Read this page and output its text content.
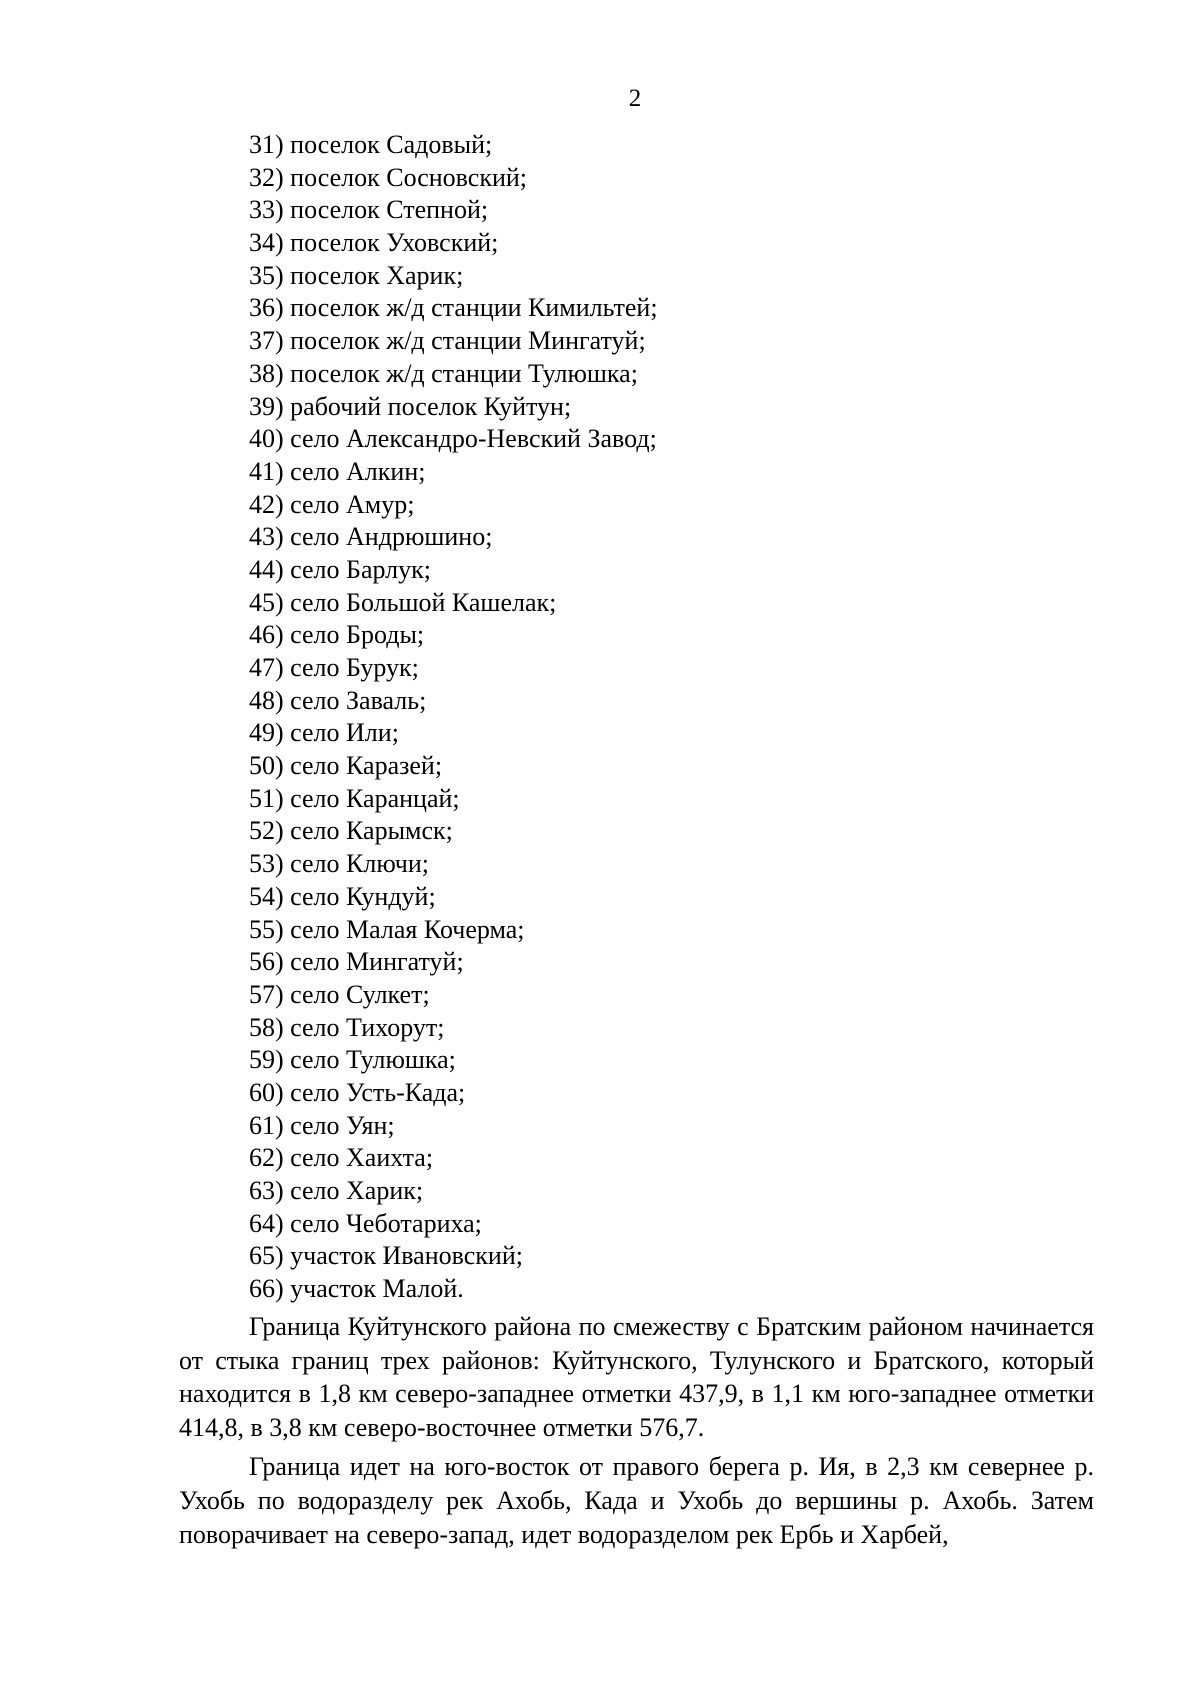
2
31) поселок Садовый;
32) поселок Сосновский;
33) поселок Степной;
34) поселок Уховский;
35) поселок Харик;
36) поселок ж/д станции Кимильтей;
37) поселок ж/д станции Мингатуй;
38) поселок ж/д станции Тулюшка;
39) рабочий поселок Куйтун;
40) село Александро-Невский Завод;
41) село Алкин;
42) село Амур;
43) село Андрюшино;
44) село Барлук;
45) село Большой Кашелак;
46) село Броды;
47) село Бурук;
48) село Заваль;
49) село Или;
50) село Каразей;
51) село Каранцай;
52) село Карымск;
53) село Ключи;
54) село Кундуй;
55) село Малая Кочерма;
56) село Мингатуй;
57) село Сулкет;
58) село Тихорут;
59) село Тулюшка;
60) село Усть-Када;
61) село Уян;
62) село Хаихта;
63) село Харик;
64) село Чеботариха;
65) участок Ивановский;
66) участок Малой.

Граница Куйтунского района по смежеству с Братским районом начинается от стыка границ трех районов: Куйтунского, Тулунского и Братского, который находится в 1,8 км северо-западнее отметки 437,9, в 1,1 км юго-западнее отметки 414,8, в 3,8 км северо-восточнее отметки 576,7.

Граница идет на юго-восток от правого берега р. Ия, в 2,3 км севернее р. Ухобь по водоразделу рек Ахобь, Када и Ухобь до вершины р. Ахобь. Затем поворачивает на северо-запад, идет водоразделом рек Ербь и Харбей,
